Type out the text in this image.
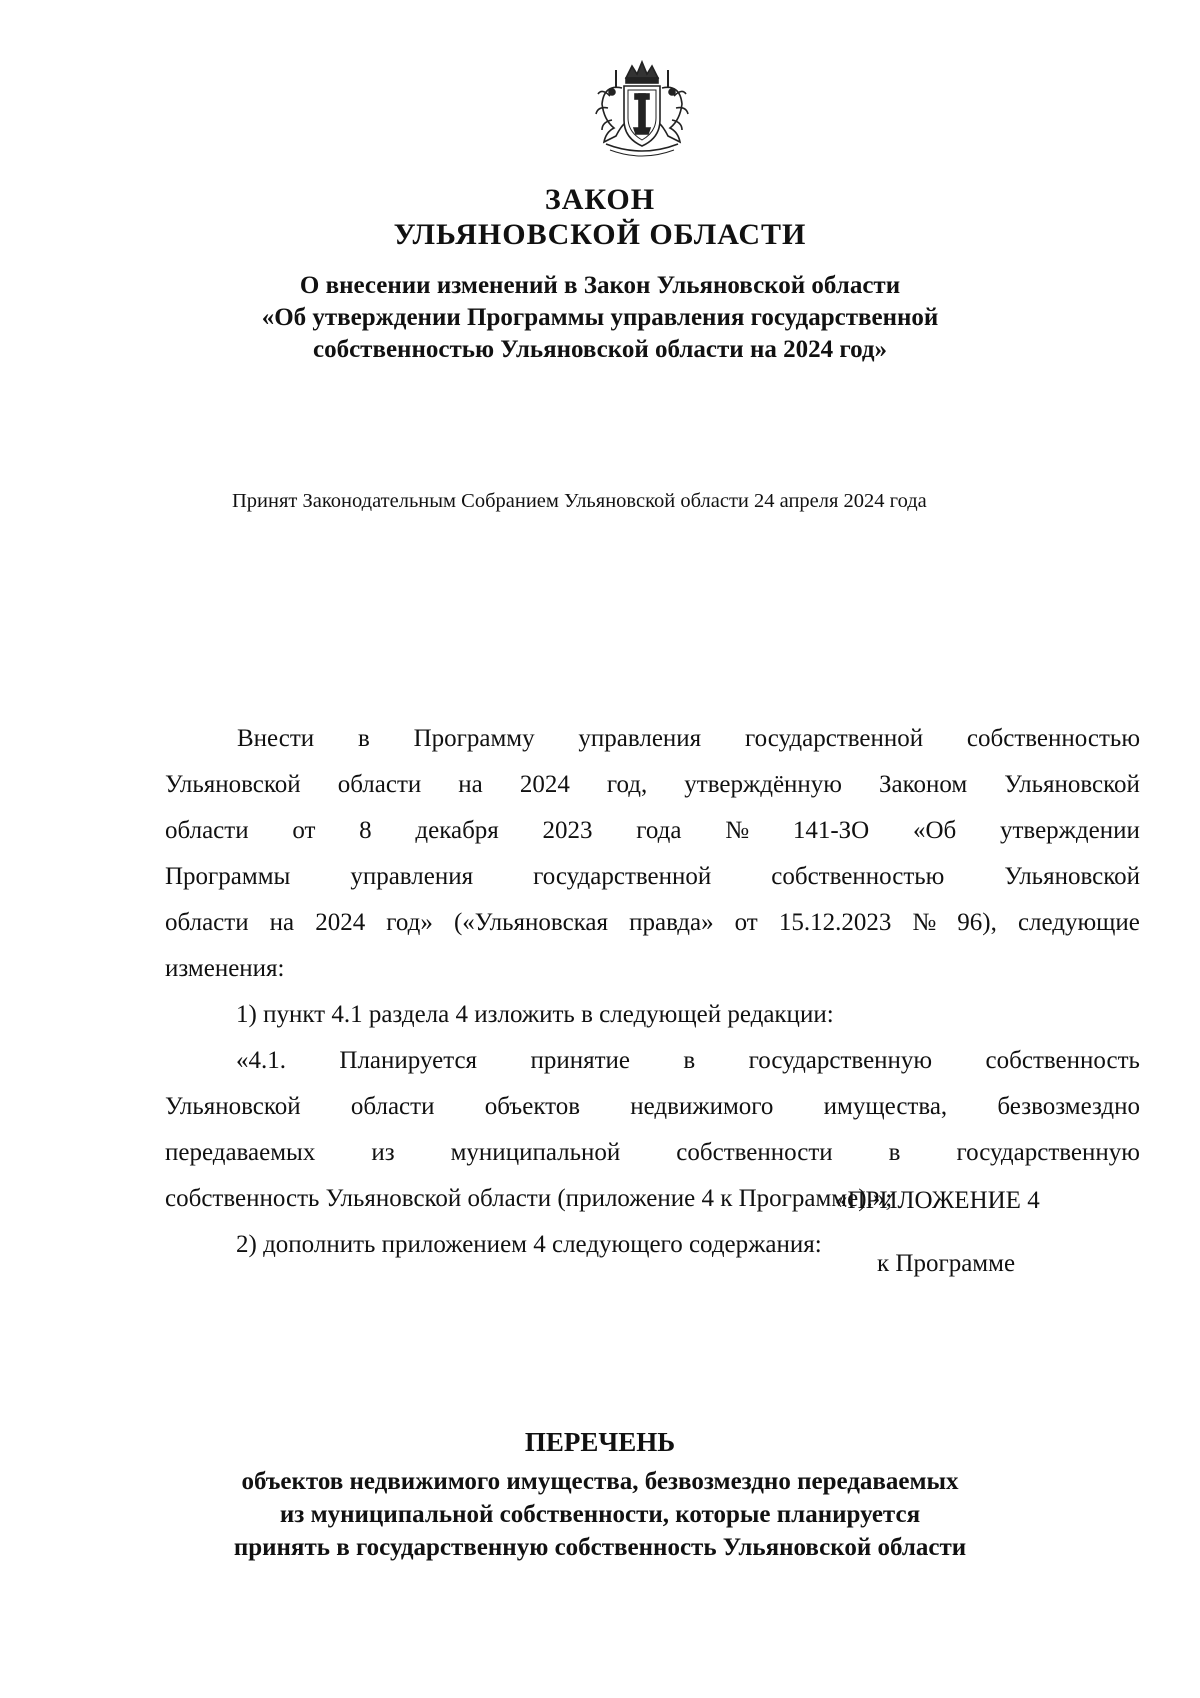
ЗАКОН
УЛЬЯНОВСКОЙ ОБЛАСТИ
О внесении изменений в Закон Ульяновской области
«Об утверждении Программы управления государственной
собственностью Ульяновской области на 2024 год»
Принят Законодательным Собранием Ульяновской области 24 апреля 2024 года
Внести в Программу управления государственной собственностью
Ульяновской области на 2024 год, утверждённую Законом Ульяновской
области от 8 декабря 2023 года № 141-ЗО «Об утверждении
Программы управления государственной собственностью Ульяновской
области на 2024 год» («Ульяновская правда» от 15.12.2023 № 96), следующие
изменения:
1) пункт 4.1 раздела 4 изложить в следующей редакции:
«4.1. Планируется принятие в государственную собственность
Ульяновской области объектов недвижимого имущества, безвозмездно
передаваемых из муниципальной собственности в государственную
собственность Ульяновской области (приложение 4 к Программе).»;
2) дополнить приложением 4 следующего содержания:
«ПРИЛОЖЕНИЕ 4
к Программе
ПЕРЕЧЕНЬ
объектов недвижимого имущества, безвозмездно передаваемых
из муниципальной собственности, которые планируется
принять в государственную собственность Ульяновской области
